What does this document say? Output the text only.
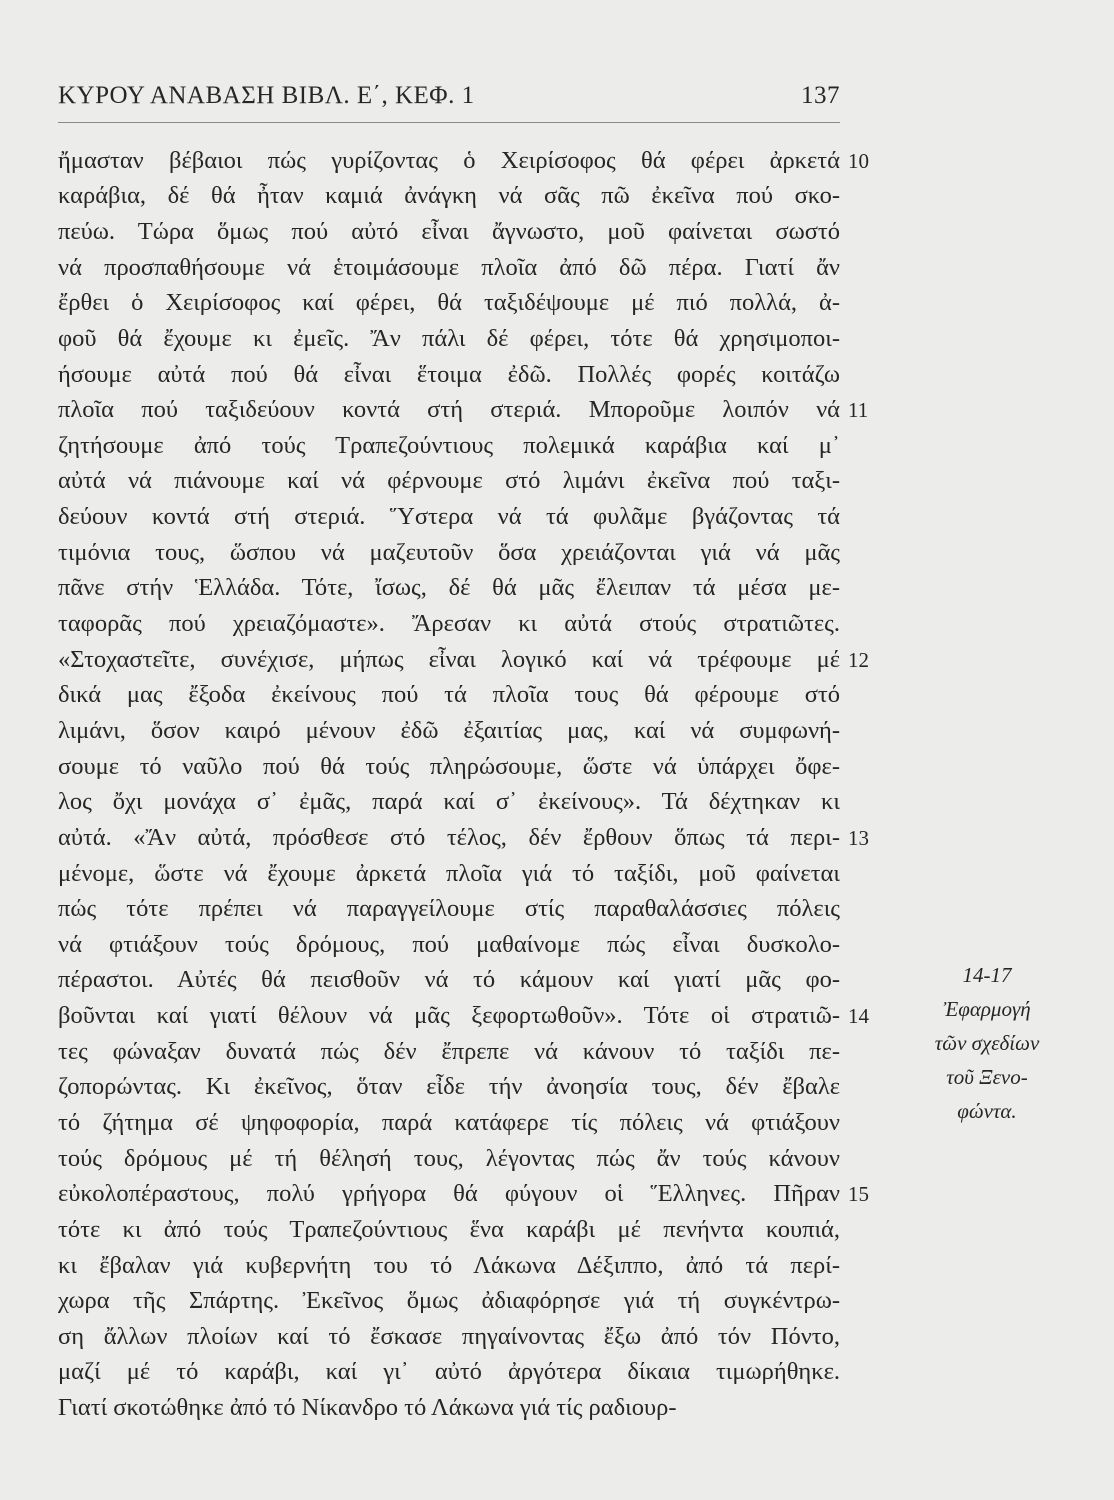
ΚΥΡΟΥ ΑΝΑΒΑΣΗ ΒΙΒΛ. Ε΄, ΚΕΦ. 1	137
ἤμασταν βέβαιοι πώς γυρίζοντας ὁ Χειρίσοφος θά φέρει ἀρκετά
καράβια, δέ θά ἦταν καμιά ἀνάγκη νά σᾶς πῶ ἐκεῖνα πού σκο-
πεύω. Τώρα ὅμως πού αὐτό εἶναι ἄγνωστο, μοῦ φαίνεται σωστό
νά προσπαθήσουμε νά ἑτοιμάσουμε πλοῖα ἀπό δῶ πέρα. Γιατί ἄν
ἔρθει ὁ Χειρίσοφος καί φέρει, θά ταξιδέψουμε μέ πιό πολλά, ἀ-
φοῦ θά ἔχουμε κι ἐμεῖς. Ἄν πάλι δέ φέρει, τότε θά χρησιμοποι-
ήσουμε αὐτά πού θά εἶναι ἕτοιμα ἐδῶ. Πολλές φορές κοιτάζω
πλοῖα πού ταξιδεύουν κοντά στή στεριά. Μποροῦμε λοιπόν νά
ζητήσουμε ἀπό τούς Τραπεζούντιους πολεμικά καράβια καί μ᾽
αὐτά νά πιάνουμε καί νά φέρνουμε στό λιμάνι ἐκεῖνα πού ταξι-
δεύουν κοντά στή στεριά. Ὕστερα νά τά φυλᾶμε βγάζοντας τά
τιμόνια τους, ὥσπου νά μαζευτοῦν ὅσα χρειάζονται γιά νά μᾶς
πᾶνε στήν Ἑλλάδα. Τότε, ἴσως, δέ θά μᾶς ἔλειπαν τά μέσα με-
ταφορᾶς πού χρειαζόμαστε». Ἄρεσαν κι αὐτά στούς στρατιῶτες.
«Στοχαστεῖτε, συνέχισε, μήπως εἶναι λογικό καί νά τρέφουμε μέ
δικά μας ἔξοδα ἐκείνους πού τά πλοῖα τους θά φέρουμε στό
λιμάνι, ὅσον καιρό μένουν ἐδῶ ἐξαιτίας μας, καί νά συμφωνή-
σουμε τό ναῦλο πού θά τούς πληρώσουμε, ὥστε νά ὑπάρχει ὄφε-
λος ὄχι μονάχα σ᾽ ἐμᾶς, παρά καί σ᾽ ἐκείνους». Τά δέχτηκαν κι
αὐτά. «Ἄν αὐτά, πρόσθεσε στό τέλος, δέν ἔρθουν ὅπως τά περι-
μένομε, ὥστε νά ἔχουμε ἀρκετά πλοῖα γιά τό ταξίδι, μοῦ φαίνεται
πώς τότε πρέπει νά παραγγείλουμε στίς παραθαλάσσιες πόλεις
νά φτιάξουν τούς δρόμους, πού μαθαίνομε πώς εἶναι δυσκολο-
πέραστοι. Αὐτές θά πεισθοῦν νά τό κάμουν καί γιατί μᾶς φο-
βοῦνται καί γιατί θέλουν νά μᾶς ξεφορτωθοῦν». Τότε οἱ στρατιῶ-
τες φώναξαν δυνατά πώς δέν ἔπρεπε νά κάνουν τό ταξίδι πε-
ζοπορώντας. Κι ἐκεῖνος, ὅταν εἶδε τήν ἀνοησία τους, δέν ἔβαλε
τό ζήτημα σέ ψηφοφορία, παρά κατάφερε τίς πόλεις νά φτιάξουν
τούς δρόμους μέ τή θέλησή τους, λέγοντας πώς ἄν τούς κάνουν
εὐκολοπέραστους, πολύ γρήγορα θά φύγουν οἱ Ἕλληνες. Πῆραν
τότε κι ἀπό τούς Τραπεζούντιους ἕνα καράβι μέ πενήντα κουπιά,
κι ἔβαλαν γιά κυβερνήτη του τό Λάκωνα Δέξιππο, ἀπό τά περί-
χωρα τῆς Σπάρτης. Ἐκεῖνος ὅμως ἀδιαφόρησε γιά τή συγκέντρω-
ση ἄλλων πλοίων καί τό ἔσκασε πηγαίνοντας ἔξω ἀπό τόν Πόντο,
μαζί μέ τό καράβι, καί γι᾽ αὐτό ἀργότερα δίκαια τιμωρήθηκε.
Γιατί σκοτώθηκε ἀπό τό Νίκανδρο τό Λάκωνα γιά τίς ραδιουρ-
10
11
12
13
14
15
14-17
Ἐφαρμογή
τῶν σχεδίων
τοῦ Ξενο-
φώντα.
